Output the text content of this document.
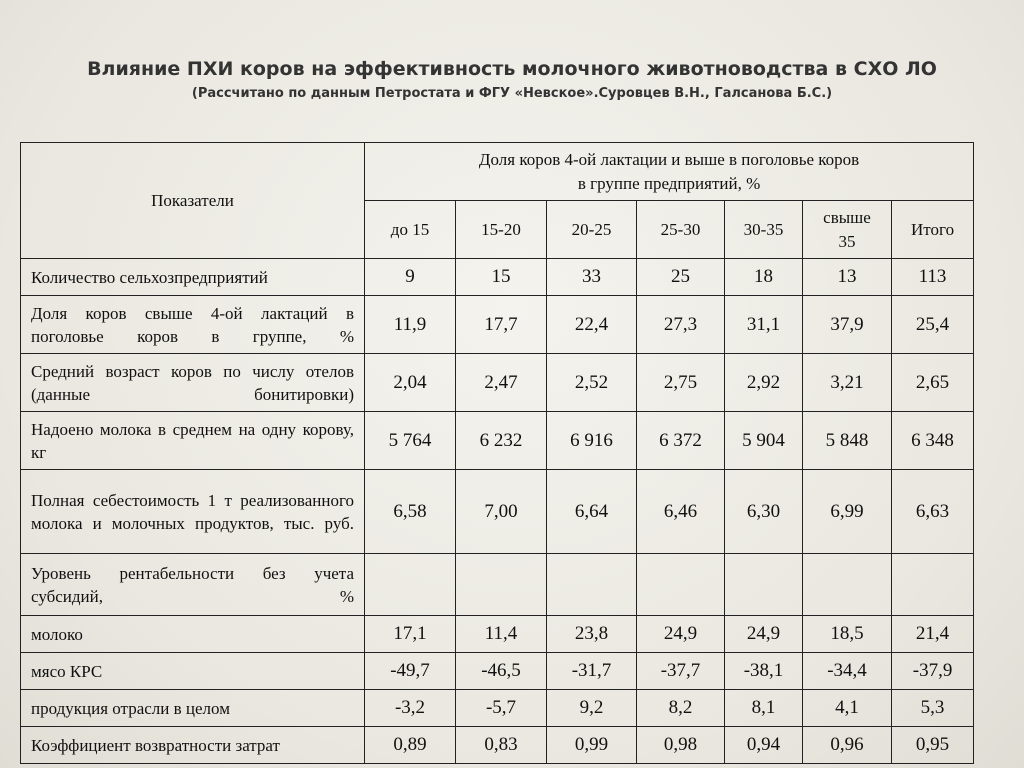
Влияние ПХИ коров на эффективность молочного животноводства в СХО ЛО
(Рассчитано по данным Петростата и ФГУ «Невское».Суровцев В.Н., Галсанова Б.С.)
Показатели	Доля коров 4-ой лактации и выше в поголовье коров
в группе предприятий, %						

	до 15	15-20	20-25	25-30	30-35	свыше 35	Итого
Количество сельхозпредприятий	9	15	33	25	18	13	113
Доля коров свыше 4-ой лактаций в поголовье коров в группе, %	11,9	17,7	22,4	27,3	31,1	37,9	25,4
Средний возраст коров по числу отелов (данные бонитировки)	2,04	2,47	2,52	2,75	2,92	3,21	2,65
Надоено молока в среднем на одну корову, кг	5 764	6 232	6 916	6 372	5 904	5 848	6 348
Полная себестоимость 1 т реализованного молока и молочных продуктов, тыс. руб.	6,58	7,00	6,64	6,46	6,30	6,99	6,63
Уровень рентабельности без учета субсидий, %							
молоко	17,1	11,4	23,8	24,9	24,9	18,5	21,4
мясо КРС	-49,7	-46,5	-31,7	-37,7	-38,1	-34,4	-37,9
продукция отрасли в целом	-3,2	-5,7	9,2	8,2	8,1	4,1	5,3
Коэффициент возвратности затрат	0,89	0,83	0,99	0,98	0,94	0,96	0,95
